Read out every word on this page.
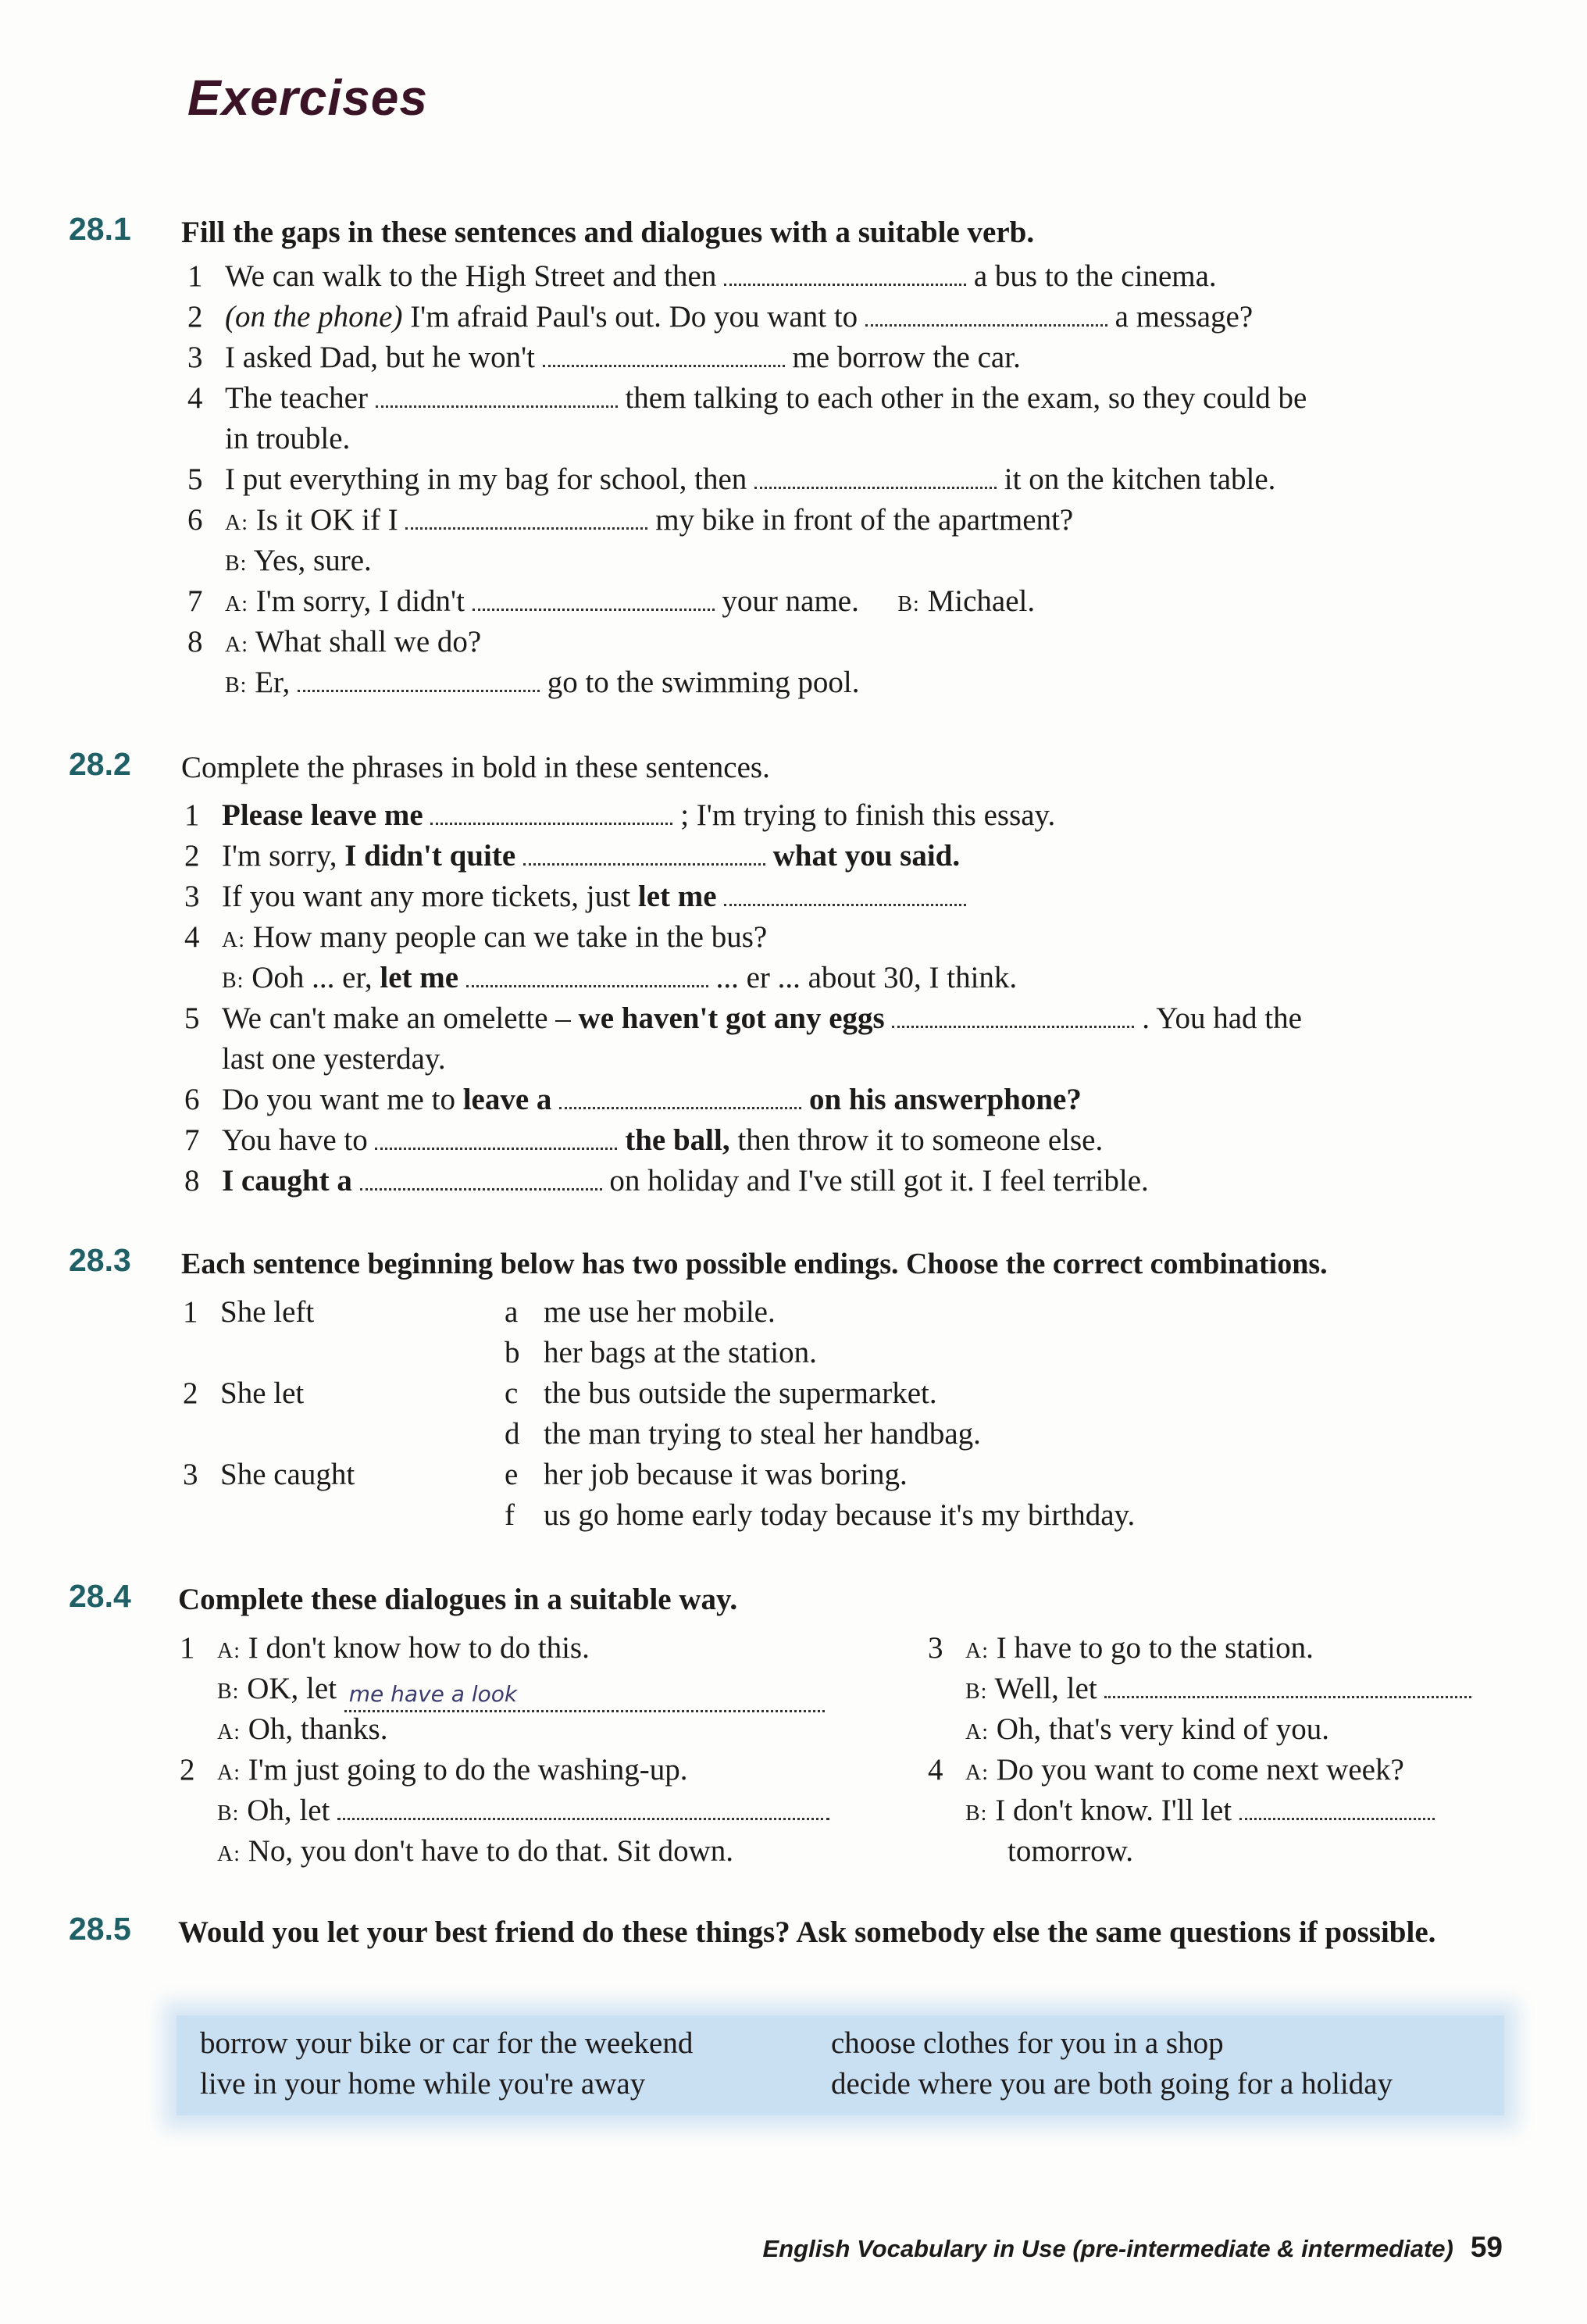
Exercises
28.1 Fill the gaps in these sentences and dialogues with a suitable verb.
1 We can walk to the High Street and then	a bus to the cinema.
2 (on the phone) I'm afraid Paul's out. Do you want to	a message?
3 I asked Dad, but he won't	me borrow the car.
4 The teacher	them talking to each other in the exam, so they could be
in trouble.
5 I put everything in my bag for school, then	it on the kitchen table.
6	A: Is it OK if I	my bike in front of the apartment?
B: Yes, sure.
7	A: I'm sorry, I didn't	your name. B: Michael.
8	A: What shall we do?
B: Er,	go to the swimming pool.
28.2 Complete the phrases in bold in these sentences.
1 Please leave me	; I'm trying to finish this essay.
2 I'm sorry, I didn't quite	what you said.
3 If you want any more tickets, just let me
4	A: How many people can we take in the bus?
B: Ooh ... er, let me	... er ... about 30, I think.
5 We can't make an omelette – we haven't got any eggs	. You had the
last one yesterday.
6 Do you want me to leave a	on his answerphone?
7 You have to	the ball, then throw it to someone else.
8 I caught a	on holiday and I've still got it. I feel terrible.
28.3 Each sentence beginning below has two possible endings. Choose the correct combinations.
1 She left
2 She let
3 She caught
a me use her mobile.
b her bags at the station.
c the bus outside the supermarket.
d the man trying to steal her handbag.
e her job because it was boring.
f us go home early today because it's my birthday.
28.4 Complete these dialogues in a suitable way.
1	A: I don't know how to do this.
B: OK, let me have a look
A: Oh, thanks.
2	A: I'm just going to do the washing-up.
B: Oh, let
A: No, you don't have to do that. Sit down.
3	A: I have to go to the station.
B: Well, let
A: Oh, that's very kind of you.
4	A: Do you want to come next week?
B: I don't know. I'll let
tomorrow.
28.5 Would you let your best friend do these things? Ask somebody else the same questions if possible.
borrow your bike or car for the weekend	choose clothes for you in a shop
live in your home while you're away	decide where you are both going for a holiday
English Vocabulary in Use (pre-intermediate & intermediate) 59
